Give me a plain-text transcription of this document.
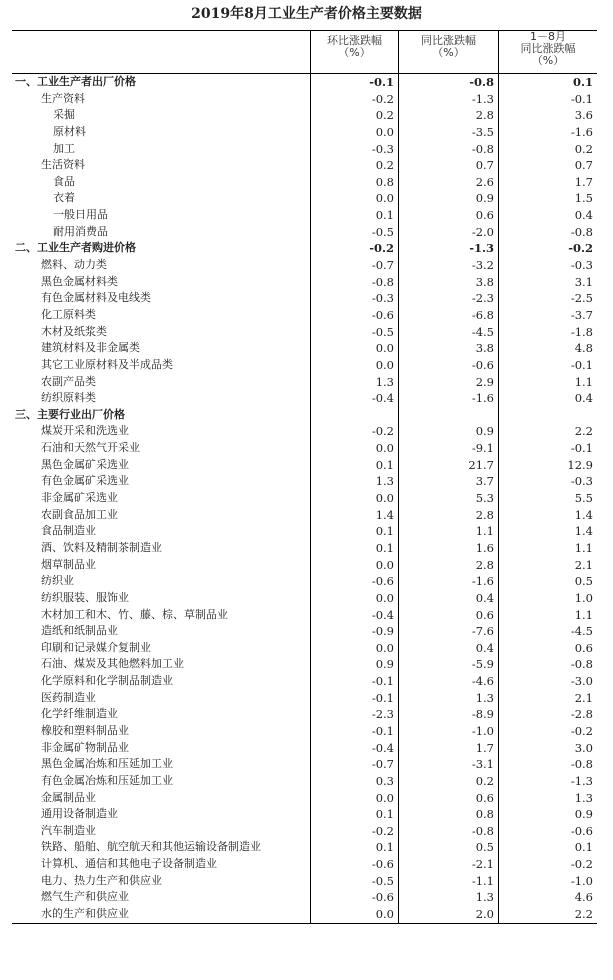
2019年8月工业生产者价格主要数据
环比涨跌幅
（%）
同比涨跌幅
（%）
1－8月
同比涨跌幅
（%）
一、工业生产者出厂价格	-0.1	-0.8	0.1
生产资料	-0.2	-1.3	-0.1
采掘	0.2	2.8	3.6
原材料	0.0	-3.5	-1.6
加工	-0.3	-0.8	0.2
生活资料	0.2	0.7	0.7
食品	0.8	2.6	1.7
衣着	0.0	0.9	1.5
一般日用品	0.1	0.6	0.4
耐用消费品	-0.5	-2.0	-0.8
二、工业生产者购进价格	-0.2	-1.3	-0.2
燃料、动力类	-0.7	-3.2	-0.3
黑色金属材料类	-0.8	3.8	3.1
有色金属材料及电线类	-0.3	-2.3	-2.5
化工原料类	-0.6	-6.8	-3.7
木材及纸浆类	-0.5	-4.5	-1.8
建筑材料及非金属类	0.0	3.8	4.8
其它工业原材料及半成品类	0.0	-0.6	-0.1
农副产品类	1.3	2.9	1.1
纺织原料类	-0.4	-1.6	0.4
三、主要行业出厂价格
煤炭开采和洗选业	-0.2	0.9	2.2
石油和天然气开采业	0.0	-9.1	-0.1
黑色金属矿采选业	0.1	21.7	12.9
有色金属矿采选业	1.3	3.7	-0.3
非金属矿采选业	0.0	5.3	5.5
农副食品加工业	1.4	2.8	1.4
食品制造业	0.1	1.1	1.4
酒、饮料及精制茶制造业	0.1	1.6	1.1
烟草制品业	0.0	2.8	2.1
纺织业	-0.6	-1.6	0.5
纺织服装、服饰业	0.0	0.4	1.0
木材加工和木、竹、藤、棕、草制品业	-0.4	0.6	1.1
造纸和纸制品业	-0.9	-7.6	-4.5
印刷和记录媒介复制业	0.0	0.4	0.6
石油、煤炭及其他燃料加工业	0.9	-5.9	-0.8
化学原料和化学制品制造业	-0.1	-4.6	-3.0
医药制造业	-0.1	1.3	2.1
化学纤维制造业	-2.3	-8.9	-2.8
橡胶和塑料制品业	-0.1	-1.0	-0.2
非金属矿物制品业	-0.4	1.7	3.0
黑色金属冶炼和压延加工业	-0.7	-3.1	-0.8
有色金属冶炼和压延加工业	0.3	0.2	-1.3
金属制品业	0.0	0.6	1.3
通用设备制造业	0.1	0.8	0.9
汽车制造业	-0.2	-0.8	-0.6
铁路、船舶、航空航天和其他运输设备制造业	0.1	0.5	0.1
计算机、通信和其他电子设备制造业	-0.6	-2.1	-0.2
电力、热力生产和供应业	-0.5	-1.1	-1.0
燃气生产和供应业	-0.6	1.3	4.6
水的生产和供应业	0.0	2.0	2.2
